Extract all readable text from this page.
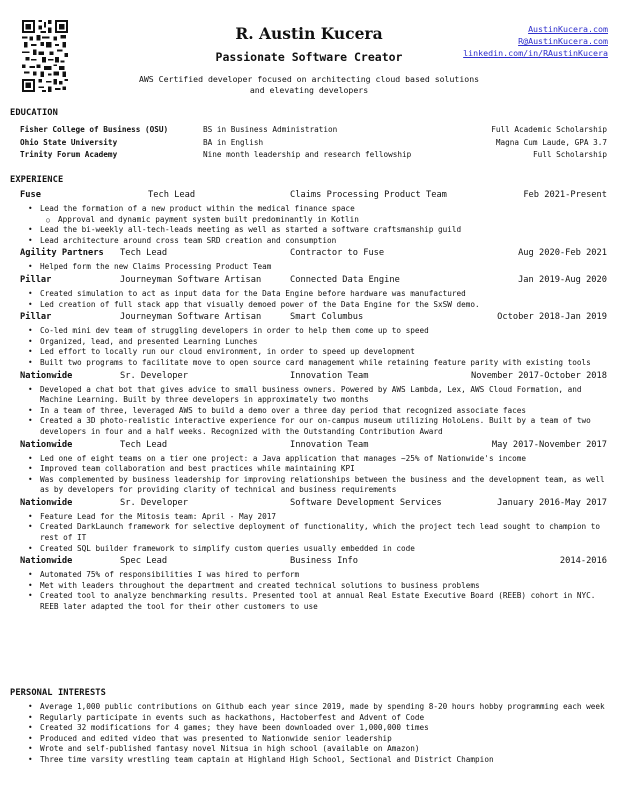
R. Austin Kucera
Passionate Software Creator
AWS Certified developer focused on architecting cloud based solutions and elevating developers
AustinKucera.com
R@AustinKucera.com
linkedin.com/in/RAustinKucera
EDUCATION
Fisher College of Business (OSU)	BS in Business Administration	Full Academic Scholarship
Ohio State University	BA in English	Magna Cum Laude, GPA 3.7
Trinity Forum Academy	Nine month leadership and research fellowship	Full Scholarship
EXPERIENCE
Fuse	Tech Lead	Claims Processing Product Team	Feb 2021-Present
• Lead the formation of a new product within the medical finance space
○ Approval and dynamic payment system built predominantly in Kotlin
• Lead the bi-weekly all-tech-leads meeting as well as started a software craftsmanship guild
• Lead architecture around cross team SRD creation and consumption
Agility Partners Tech Lead	Contractor to Fuse	Aug 2020-Feb 2021
• Helped form the new Claims Processing Product Team
Pillar	Journeyman Software Artisan	Connected Data Engine	Jan 2019-Aug 2020
• Created simulation to act as input data for the Data Engine before hardware was manufactured
• Led creation of full stack app that visually demoed power of the Data Engine for the SxSW demo.
Pillar	Journeyman Software Artisan	Smart Columbus	October 2018-Jan 2019
• Co-led mini dev team of struggling developers in order to help them come up to speed
• Organized, lead, and presented Learning Lunches
• Led effort to locally run our cloud environment, in order to speed up development
• Built two programs to facilitate move to open source card management while retaining feature parity with existing tools
Nationwide	Sr. Developer	Innovation Team	November 2017-October 2018
• Developed a chat bot that gives advice to small business owners. Powered by AWS Lambda, Lex, AWS Cloud Formation, and Machine Learning. Built by three developers in approximately two months
• In a team of three, leveraged AWS to build a demo over a three day period that recognized associate faces
• Created a 3D photo-realistic interactive experience for our on-campus museum utilizing HoloLens. Built by a team of two developers in four and a half weeks. Recognized with the Outstanding Contribution Award
Nationwide	Tech Lead	Innovation Team	May 2017-November 2017
• Led one of eight teams on a tier one project: a Java application that manages ~25% of Nationwide's income
• Improved team collaboration and best practices while maintaining KPI
• Was complemented by business leadership for improving relationships between the business and the development team, as well as by developers for providing clarity of technical and business requirements
Nationwide	Sr. Developer	Software Development Services	January 2016-May 2017
• Feature Lead for the Mitosis team: April - May 2017
• Created DarkLaunch framework for selective deployment of functionality, which the project tech lead sought to champion to rest of IT
• Created SQL builder framework to simplify custom queries usually embedded in code
Nationwide	Spec Lead	Business Info	2014-2016
• Automated 75% of responsibilities I was hired to perform
• Met with leaders throughout the department and created technical solutions to business problems
• Created tool to analyze benchmarking results. Presented tool at annual Real Estate Executive Board (REEB) cohort in NYC. REEB later adapted the tool for their other customers to use
PERSONAL INTERESTS
• Average 1,000 public contributions on Github each year since 2019, made by spending 8-20 hours hobby programming each week
• Regularly participate in events such as hackathons, Hactoberfest and Advent of Code
• Created 32 modifications for 4 games; they have been downloaded over 1,000,000 times
• Produced and edited video that was presented to Nationwide senior leadership
• Wrote and self-published fantasy novel Nitsua in high school (available on Amazon)
• Three time varsity wrestling team captain at Highland High School, Sectional and District Champion
